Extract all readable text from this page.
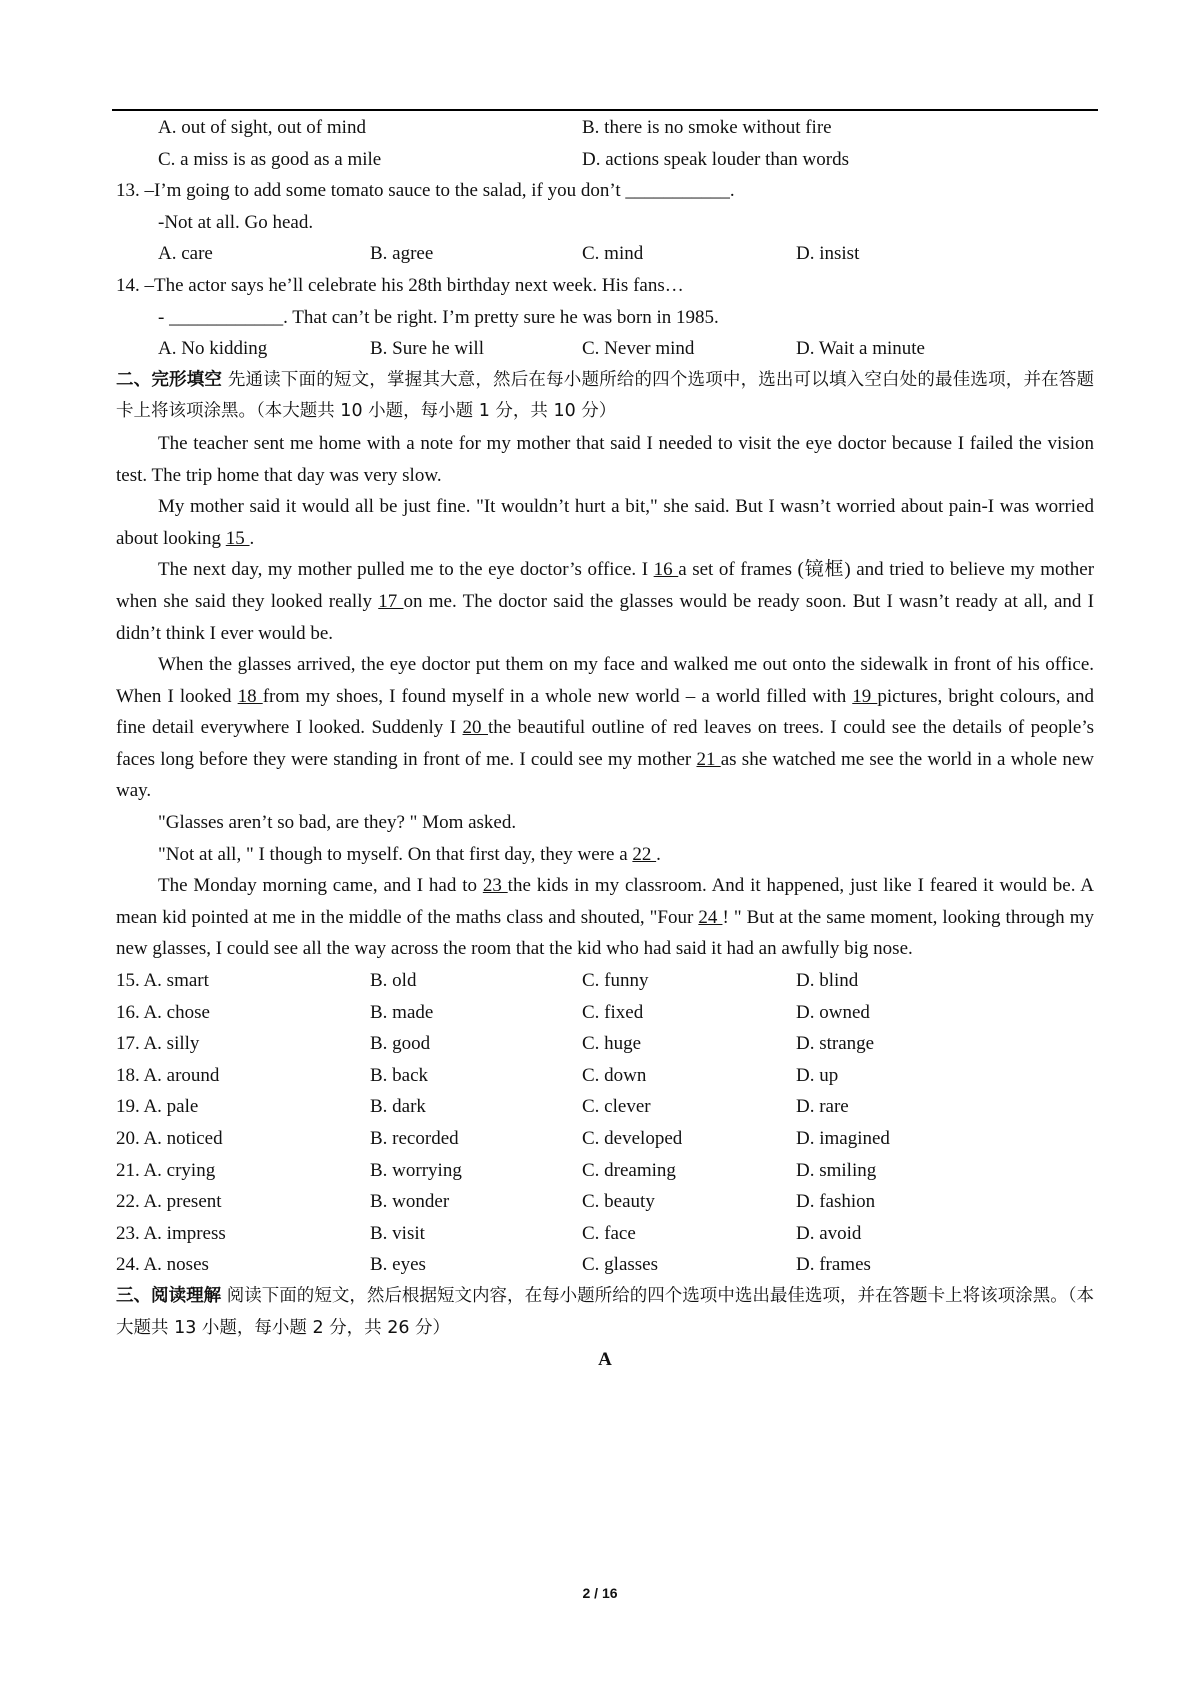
A. out of sight, out of mind	B. there is no smoke without fire
C. a miss is as good as a mile	D. actions speak louder than words
13. –I’m going to add some tomato sauce to the salad, if you don’t ___________.
-Not at all. Go head.
A. care	B. agree	C. mind	D. insist
14. –The actor says he’ll celebrate his 28th birthday next week. His fans…
- ____________. That can’t be right. I’m pretty sure he was born in 1985.
A. No kidding	B. Sure he will	C. Never mind	D. Wait a minute

二、完形填空 先通读下面的短文，掌握其大意，然后在每小题所给的四个选项中，选出可以填入空白处的最佳选项，并在答题卡上将该项涂黑。（本大题共 10 小题，每小题 1 分，共 10 分）

The teacher sent me home with a note for my mother that said I needed to visit the eye doctor because I failed the vision test. The trip home that day was very slow.

My mother said it would all be just fine. "It wouldn’t hurt a bit," she said. But I wasn’t worried about pain-I was worried about looking 15 .

The next day, my mother pulled me to the eye doctor’s office. I 16 a set of frames (镜框) and tried to believe my mother when she said they looked really 17 on me. The doctor said the glasses would be ready soon. But I wasn’t ready at all, and I didn’t think I ever would be.

When the glasses arrived, the eye doctor put them on my face and walked me out onto the sidewalk in front of his office. When I looked 18 from my shoes, I found myself in a whole new world – a world filled with 19 pictures, bright colours, and fine detail everywhere I looked. Suddenly I 20 the beautiful outline of red leaves on trees. I could see the details of people’s faces long before they were standing in front of me. I could see my mother 21 as she watched me see the world in a whole new way.

"Glasses aren’t so bad, are they? " Mom asked.

"Not at all, " I though to myself. On that first day, they were a 22 .

The Monday morning came, and I had to 23 the kids in my classroom. And it happened, just like I feared it would be. A mean kid pointed at me in the middle of the maths class and shouted, "Four 24 ! " But at the same moment, looking through my new glasses, I could see all the way across the room that the kid who had said it had an awfully big nose.

15. A. smart	B. old	C. funny	D. blind
16. A. chose	B. made	C. fixed	D. owned
17. A. silly	B. good	C. huge	D. strange
18. A. around	B. back	C. down	D. up
19. A. pale	B. dark	C. clever	D. rare
20. A. noticed	B. recorded	C. developed	D. imagined
21. A. crying	B. worrying	C. dreaming	D. smiling
22. A. present	B. wonder	C. beauty	D. fashion
23. A. impress	B. visit	C. face	D. avoid
24. A. noses	B. eyes	C. glasses	D. frames

三、阅读理解 阅读下面的短文，然后根据短文内容，在每小题所给的四个选项中选出最佳选项，并在答题卡上将该项涂黑。（本大题共 13 小题，每小题 2 分，共 26 分）

A
2 / 16
